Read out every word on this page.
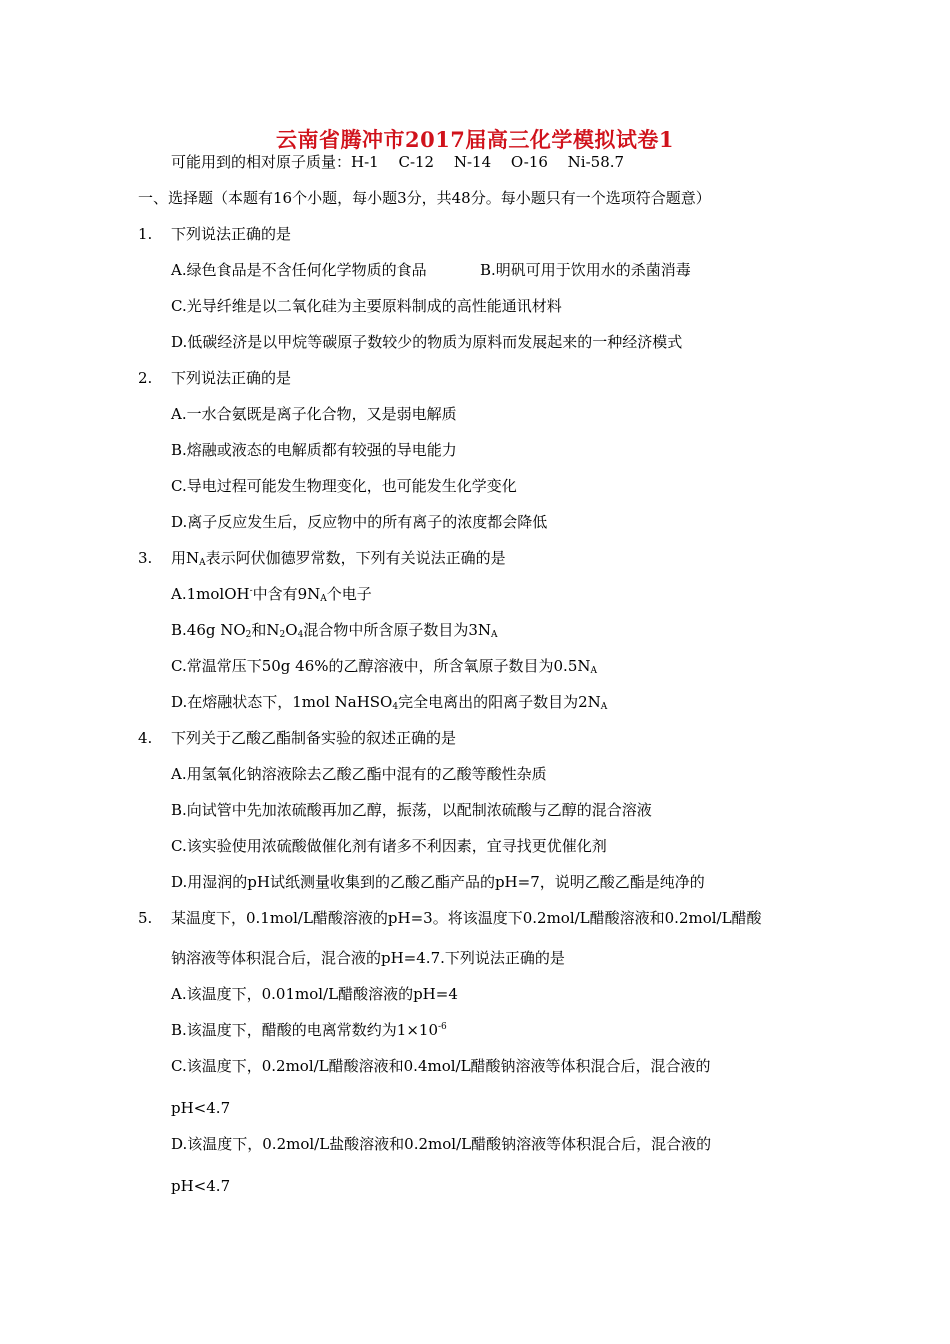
云南省腾冲市2017届高三化学模拟试卷1
可能用到的相对原子质量：H-1　 C-12　 N-14　 O-16　 Ni-58.7
一、选择题（本题有16个小题，每小题3分，共48分。每小题只有一个选项符合题意）
1. 下列说法正确的是
A.绿色食品是不含任何化学物质的食品	B.明矾可用于饮用水的杀菌消毒
C.光导纤维是以二氧化硅为主要原料制成的高性能通讯材料
D.低碳经济是以甲烷等碳原子数较少的物质为原料而发展起来的一种经济模式
2. 下列说法正确的是
A.一水合氨既是离子化合物，又是弱电解质
B.熔融或液态的电解质都有较强的导电能力
C.导电过程可能发生物理变化，也可能发生化学变化
D.离子反应发生后，反应物中的所有离子的浓度都会降低
3. 用$N_A$表示阿伏伽德罗常数，下列有关说法正确的是
A.1molOH-中含有$9N_A$个电子
B.46g $NO_2$和$N_2O_4$混合物中所含原子数目为$3N_A$
C.常温常压下50g 46%的乙醇溶液中，所含氧原子数目为$0.5N_A$
D.在熔融状态下，1mol NaHSO$_4$完全电离出的阳离子数目为$2N_A$
4. 下列关于乙酸乙酯制备实验的叙述正确的是
A.用氢氧化钠溶液除去乙酸乙酯中混有的乙酸等酸性杂质
B.向试管中先加浓硫酸再加乙醇，振荡，以配制浓硫酸与乙醇的混合溶液
C.该实验使用浓硫酸做催化剂有诸多不利因素，宜寻找更优催化剂
D.用湿润的pH试纸测量收集到的乙酸乙酯产品的pH=7，说明乙酸乙酯是纯净的
5. 某温度下，0.1mol/L醋酸溶液的pH=3。将该温度下0.2mol/L醋酸溶液和0.2mol/L醋酸
钠溶液等体积混合后，混合液的pH=4.7.下列说法正确的是
A.该温度下，0.01mol/L醋酸溶液的pH=4
B.该温度下，醋酸的电离常数约为$1\times 10^{-6}$
C.该温度下，0.2mol/L醋酸溶液和0.4mol/L醋酸钠溶液等体积混合后，混合液的
pH<4.7
D.该温度下，0.2mol/L盐酸溶液和0.2mol/L醋酸钠溶液等体积混合后，混合液的
pH<4.7
